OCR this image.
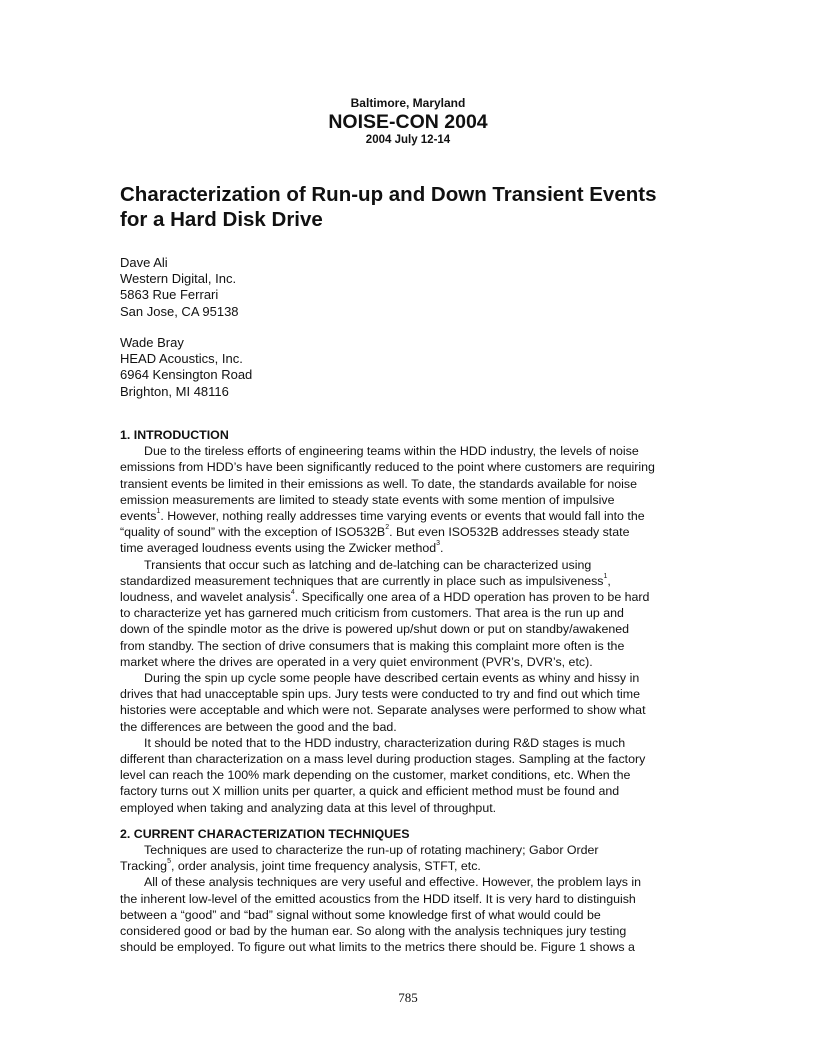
Baltimore, Maryland
NOISE-CON 2004
2004 July 12-14
Characterization of Run-up and Down Transient Events
for a Hard Disk Drive
Dave Ali
Western Digital, Inc.
5863 Rue Ferrari
San Jose, CA 95138
Wade Bray
HEAD Acoustics, Inc.
6964 Kensington Road
Brighton, MI 48116
1. INTRODUCTION
Due to the tireless efforts of engineering teams within the HDD industry, the levels of noise
emissions from HDD’s have been significantly reduced to the point where customers are requiring
transient events be limited in their emissions as well. To date, the standards available for noise
emission measurements are limited to steady state events with some mention of impulsive
events$^1$. However, nothing really addresses time varying events or events that would fall into the
“quality of sound” with the exception of $ISO532B^2$. But even ISO532B addresses steady state
time averaged loudness events using the Zwicker method$^3$.
Transients that occur such as latching and de-latching can be characterized using
standardized measurement techniques that are currently in place such as impulsiveness$^1$,
loudness, and wavelet analysis$^4$. Specifically one area of a HDD operation has proven to be hard
to characterize yet has garnered much criticism from customers. That area is the run up and
down of the spindle motor as the drive is powered up/shut down or put on standby/awakened
from standby. The section of drive consumers that is making this complaint more often is the
market where the drives are operated in a very quiet environment (PVR’s, DVR’s, etc).
During the spin up cycle some people have described certain events as whiny and hissy in
drives that had unacceptable spin ups. Jury tests were conducted to try and find out which time
histories were acceptable and which were not. Separate analyses were performed to show what
the differences are between the good and the bad.
It should be noted that to the HDD industry, characterization during R&D stages is much
different than characterization on a mass level during production stages. Sampling at the factory
level can reach the 100% mark depending on the customer, market conditions, etc. When the
factory turns out X million units per quarter, a quick and efficient method must be found and
employed when taking and analyzing data at this level of throughput.
2. CURRENT CHARACTERIZATION TECHNIQUES
Techniques are used to characterize the run-up of rotating machinery; Gabor Order
Tracking$^5$, order analysis, joint time frequency analysis, STFT, etc.
All of these analysis techniques are very useful and effective. However, the problem lays in
the inherent low-level of the emitted acoustics from the HDD itself. It is very hard to distinguish
between a “good” and “bad” signal without some knowledge first of what would could be
considered good or bad by the human ear. So along with the analysis techniques jury testing
should be employed. To figure out what limits to the metrics there should be. Figure 1 shows a
785
